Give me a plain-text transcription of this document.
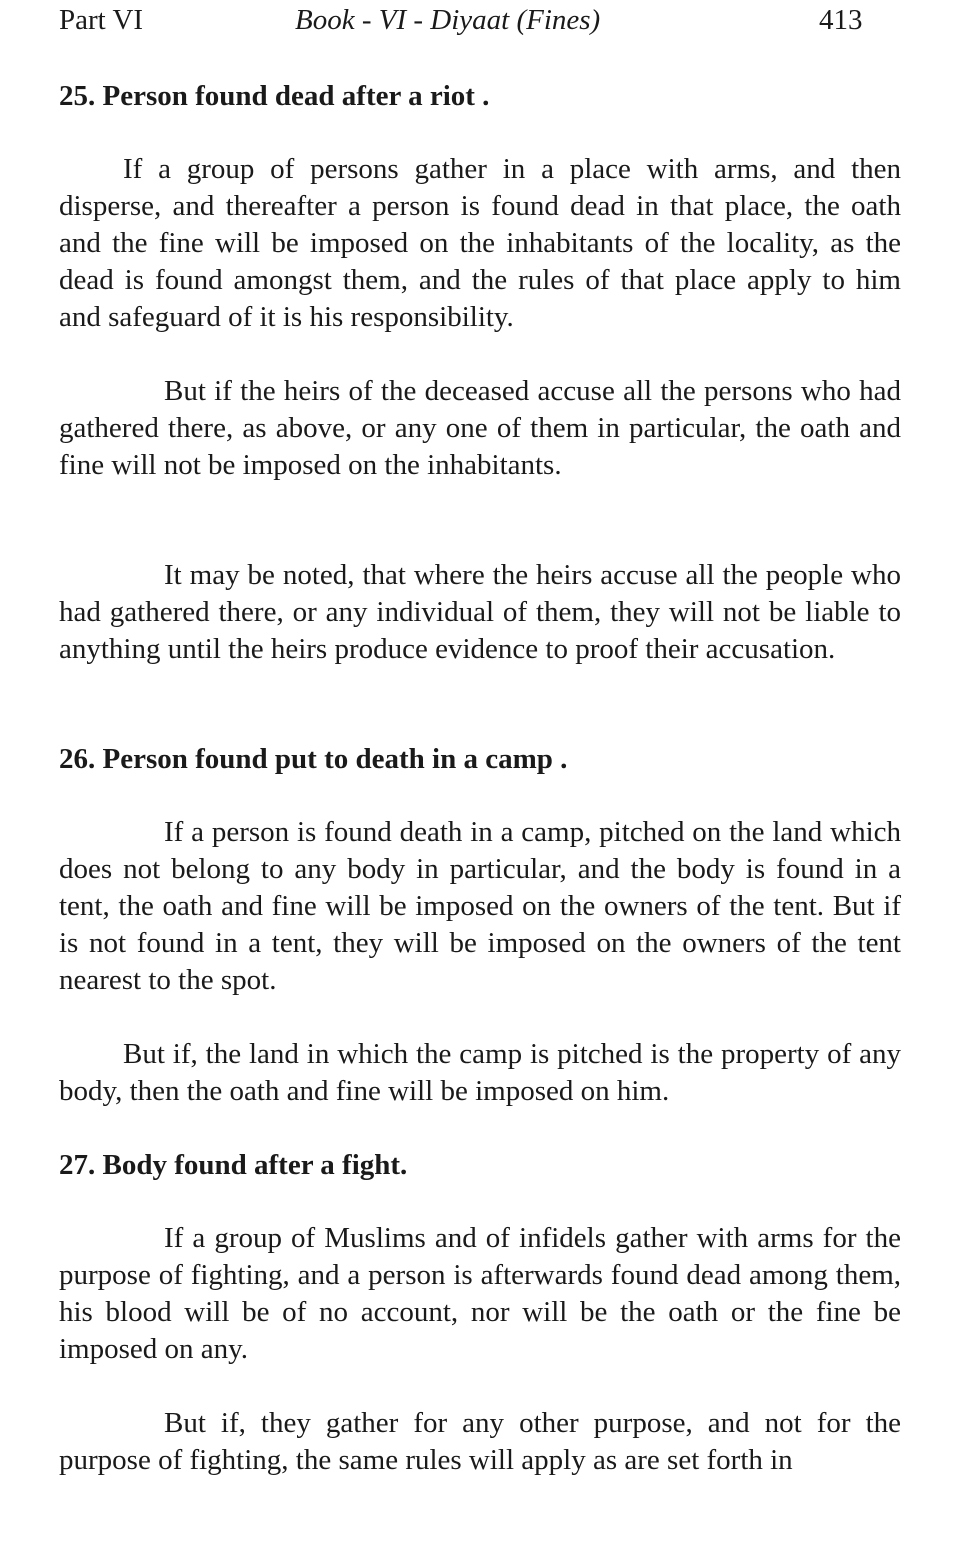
Part VI	Book - VI - Diyaat (Fines)	413
25. Person found dead after a riot .

If a group of persons gather in a place with arms, and then disperse, and thereafter a person is found dead in that place, the oath and the fine will be imposed on the inhabitants of the locality, as the dead is found amongst them, and the rules of that place apply to him and safeguard of it is his responsibility.

But if the heirs of the deceased accuse all the persons who had gathered there, as above, or any one of them in particular, the oath and fine will not be imposed on the inhabitants.

It may be noted, that where the heirs accuse all the people who had gathered there, or any individual of them, they will not be liable to anything until the heirs produce evidence to proof their accusation.

26. Person found put to death in a camp .

If a person is found death in a camp, pitched on the land which does not belong to any body in particular, and the body is found in a tent, the oath and fine will be imposed on the owners of the tent. But if is not found in a tent, they will be imposed on the owners of the tent nearest to the spot.

But if, the land in which the camp is pitched is the property of any body, then the oath and fine will be imposed on him.

27. Body found after a fight.

If a group of Muslims and of infidels gather with arms for the purpose of fighting, and a person is afterwards found dead among them, his blood will be of no account, nor will be the oath or the fine be imposed on any.

But if, they gather for any other purpose, and not for the purpose of fighting, the same rules will apply as are set forth in
